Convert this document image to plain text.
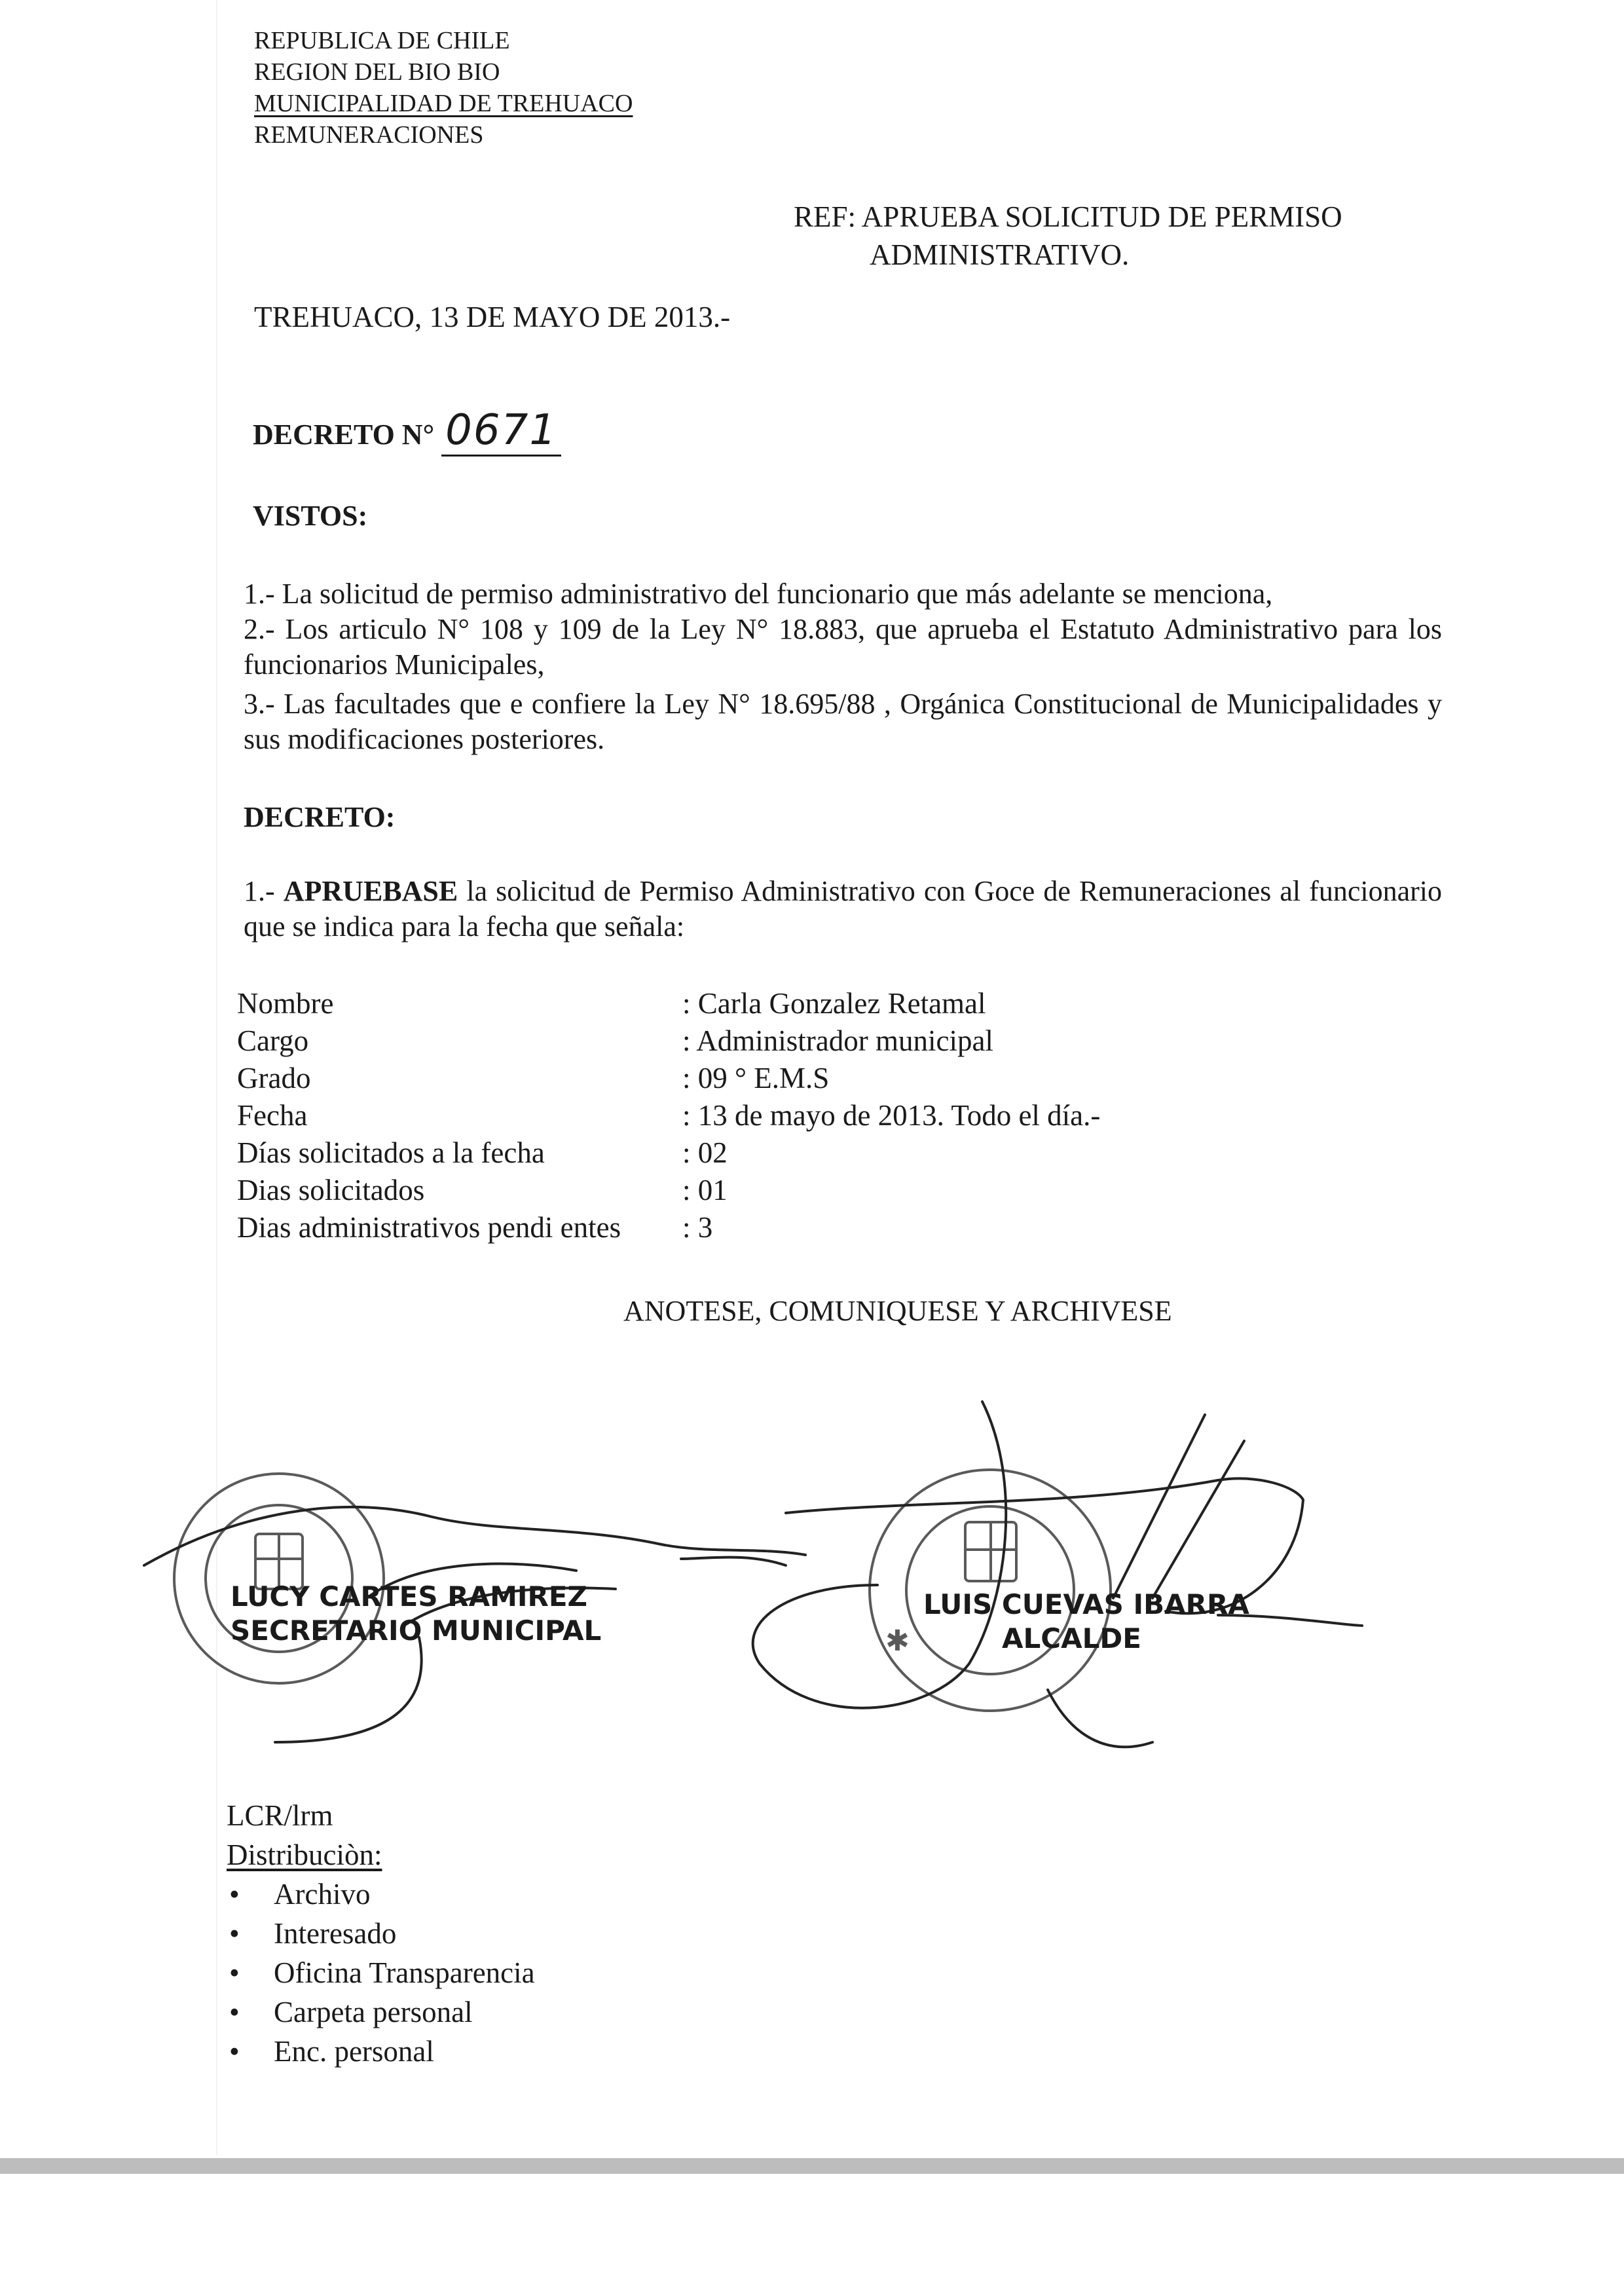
REPUBLICA DE CHILE
REGION DEL BIO BIO
MUNICIPALIDAD DE TREHUACO
REMUNERACIONES
REF: APRUEBA SOLICITUD DE PERMISO
ADMINISTRATIVO.
TREHUACO, 13 DE MAYO DE 2013.-
DECRETO N° 0671
VISTOS:

1.- La solicitud de permiso administrativo del funcionario que más adelante se menciona,

2.- Los articulo N° 108 y 109 de la Ley N° 18.883, que aprueba el Estatuto Administrativo para los funcionarios Municipales,

3.- Las facultades que e confiere la Ley N° 18.695/88 , Orgánica Constitucional de Municipalidades y sus modificaciones posteriores.

DECRETO:

1.- APRUEBASE la solicitud de Permiso Administrativo con Goce de Remuneraciones al funcionario que se indica para la fecha que señala:

Nombre	: Carla Gonzalez Retamal
Cargo	: Administrador municipal
Grado	: 09 ° E.M.S
Fecha	: 13 de mayo de 2013. Todo el día.-
Días solicitados a la fecha	: 02
Dias solicitados	: 01
Dias administrativos pendi entes	: 3
ANOTESE, COMUNIQUESE Y ARCHIVESE
✱
LUCY CARTES RAMIREZ
SECRETARIO MUNICIPAL
LUIS CUEVAS IBARRA
ALCALDE
LCR/lrm
Distribuciòn:
• Archivo
• Interesado
• Oficina Transparencia
• Carpeta personal
• Enc. personal
